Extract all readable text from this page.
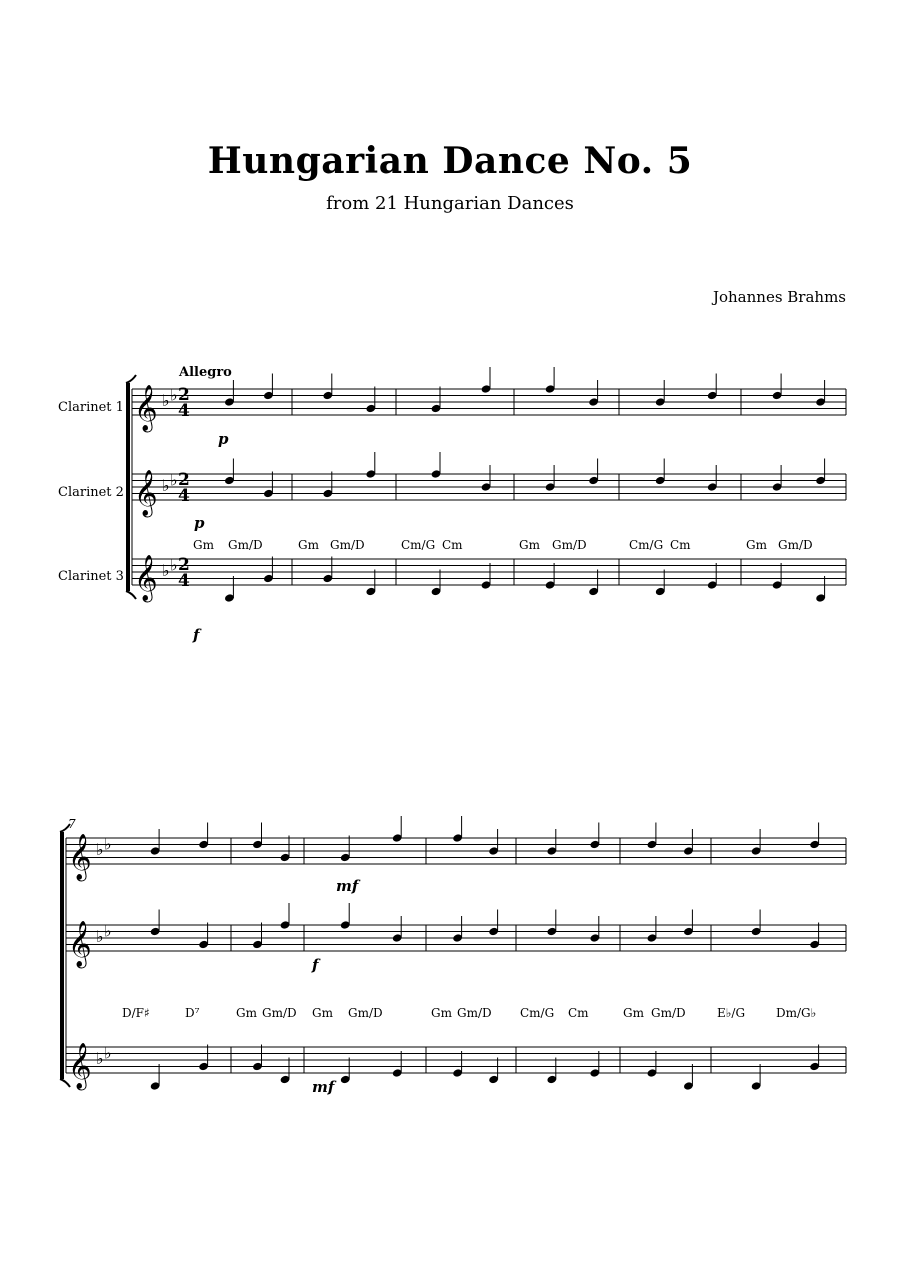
Hungarian Dance No. 5
from 21 Hungarian Dances
Johannes Brahms
Allegro
Clarinet 1
Clarinet 2
Clarinet 3
7
𝄞 ♭ ♭
𝄞 ♭ ♭
𝄞 ♭ ♭
𝄞 ♭ ♭
𝄞 ♭ ♭
𝄞 ♭ ♭
p
p
f
mf
f
mf
2
4
2
4
2
4
Gm Gm/D	Gm Gm/D	Cm/G Cm	Gm Gm/D	Cm/G Cm	Gm Gm/D
D/F♯	D⁷	Gm Gm/D Gm Gm/D	Gm Gm/D Cm/G Cm	Gm Gm/D	E♭/G	Dm/G♭
